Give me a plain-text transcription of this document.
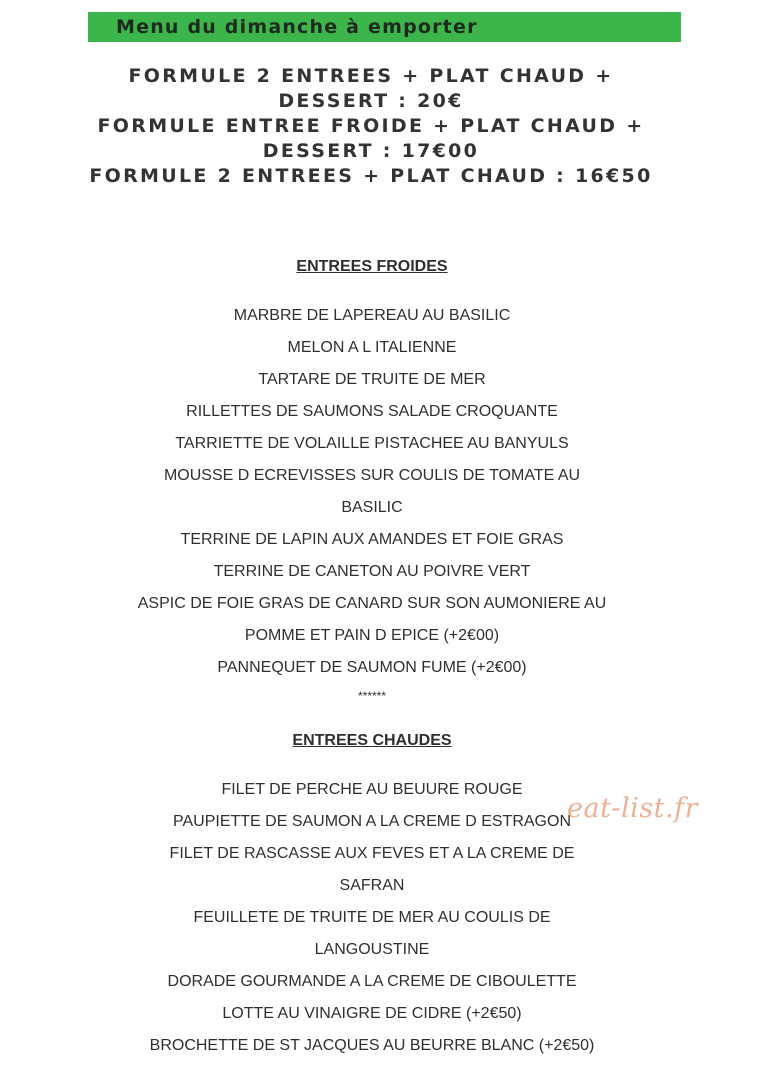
Menu du dimanche à emporter
FORMULE 2 ENTREES + PLAT CHAUD +
DESSERT : 20€
FORMULE ENTREE FROIDE + PLAT CHAUD +
DESSERT : 17€00
FORMULE 2 ENTREES + PLAT CHAUD : 16€50
ENTREES FROIDES
MARBRE DE LAPEREAU AU BASILIC
MELON A L ITALIENNE
TARTARE DE TRUITE DE MER
RILLETTES DE SAUMONS SALADE CROQUANTE
TARRIETTE DE VOLAILLE PISTACHEE AU BANYULS
MOUSSE D ECREVISSES SUR COULIS DE TOMATE AU
BASILIC
TERRINE DE LAPIN AUX AMANDES ET FOIE GRAS
TERRINE DE CANETON AU POIVRE VERT
ASPIC DE FOIE GRAS DE CANARD SUR SON AUMONIERE AU
POMME ET PAIN D EPICE (+2€00)
PANNEQUET DE SAUMON FUME (+2€00)
******
ENTREES CHAUDES
FILET DE PERCHE AU BEUURE ROUGE
PAUPIETTE DE SAUMON A LA CREME D ESTRAGON
FILET DE RASCASSE AUX FEVES ET A LA CREME DE
SAFRAN
FEUILLETE DE TRUITE DE MER AU COULIS DE
LANGOUSTINE
DORADE GOURMANDE A LA CREME DE CIBOULETTE
LOTTE AU VINAIGRE DE CIDRE (+2€50)
BROCHETTE DE ST JACQUES AU BEURRE BLANC (+2€50)
eat-list.fr
